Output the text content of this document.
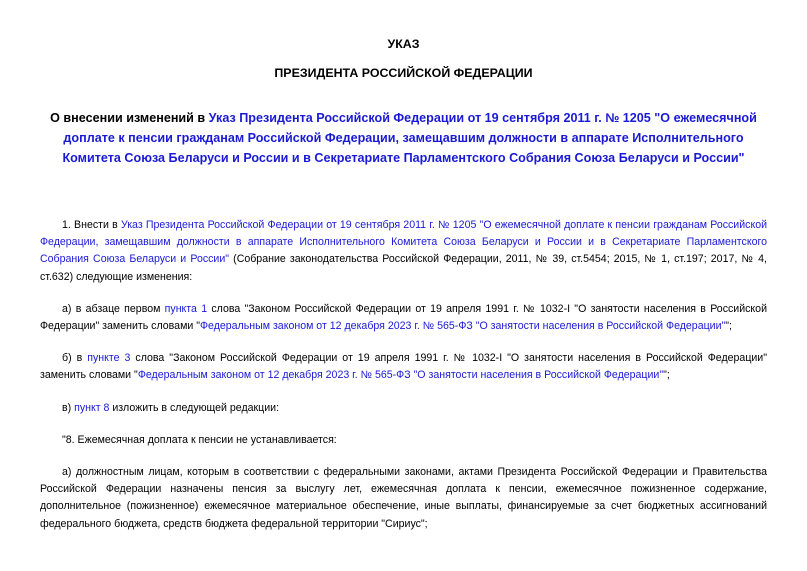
УКАЗ
ПРЕЗИДЕНТА РОССИЙСКОЙ ФЕДЕРАЦИИ
О внесении изменений в Указ Президента Российской Федерации от 19 сентября 2011 г. № 1205 "О ежемесячной доплате к пенсии гражданам Российской Федерации, замещавшим должности в аппарате Исполнительного Комитета Союза Беларуси и России и в Секретариате Парламентского Собрания Союза Беларуси и России"

1. Внести в Указ Президента Российской Федерации от 19 сентября 2011 г. № 1205 "О ежемесячной доплате к пенсии гражданам Российской Федерации, замещавшим должности в аппарате Исполнительного Комитета Союза Беларуси и России и в Секретариате Парламентского Собрания Союза Беларуси и России" (Собрание законодательства Российской Федерации, 2011, № 39, ст.5454; 2015, № 1, ст.197; 2017, № 4, ст.632) следующие изменения:

а) в абзаце первом пункта 1 слова "Законом Российской Федерации от 19 апреля 1991 г. № 1032-I "О занятости населения в Российской Федерации" заменить словами "Федеральным законом от 12 декабря 2023 г. № 565-ФЗ "О занятости населения в Российской Федерации"";

б) в пункте 3 слова "Законом Российской Федерации от 19 апреля 1991 г. № 1032-I "О занятости населения в Российской Федерации" заменить словами "Федеральным законом от 12 декабря 2023 г. № 565-ФЗ "О занятости населения в Российской Федерации"";

в) пункт 8 изложить в следующей редакции:

"8. Ежемесячная доплата к пенсии не устанавливается:

а) должностным лицам, которым в соответствии с федеральными законами, актами Президента Российской Федерации и Правительства Российской Федерации назначены пенсия за выслугу лет, ежемесячная доплата к пенсии, ежемесячное пожизненное содержание, дополнительное (пожизненное) ежемесячное материальное обеспечение, иные выплаты, финансируемые за счет бюджетных ассигнований федерального бюджета, средств бюджета федеральной территории "Сириус";
